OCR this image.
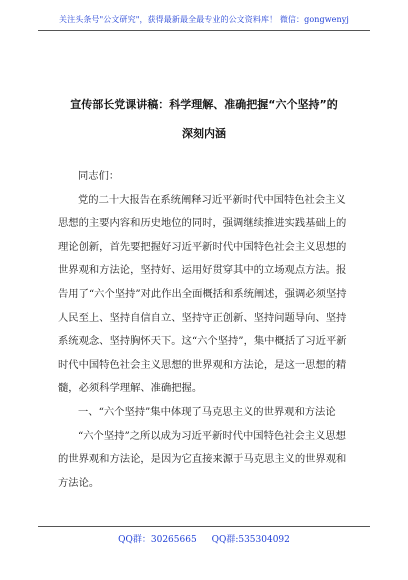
关注头条号"公文研究"，获得最新最全最专业的公文资料库！ 微信：gongwenyj
宣传部长党课讲稿：科学理解、准确把握“六个坚持”的
深刻内涵

同志们：

党的二十大报告在系统阐释习近平新时代中国特色社会主义思想的主要内容和历史地位的同时，强调继续推进实践基础上的理论创新，首先要把握好习近平新时代中国特色社会主义思想的世界观和方法论，坚持好、运用好贯穿其中的立场观点方法。报告用了“六个坚持”对此作出全面概括和系统阐述，强调必须坚持人民至上、坚持自信自立、坚持守正创新、坚持问题导向、坚持系统观念、坚持胸怀天下。这“六个坚持”，集中概括了习近平新时代中国特色社会主义思想的世界观和方法论，是这一思想的精髓，必须科学理解、准确把握。

一、“六个坚持”集中体现了马克思主义的世界观和方法论

“六个坚持”之所以成为习近平新时代中国特色社会主义思想的世界观和方法论，是因为它直接来源于马克思主义的世界观和方法论。

QQ群：30265665 QQ群:535304092
